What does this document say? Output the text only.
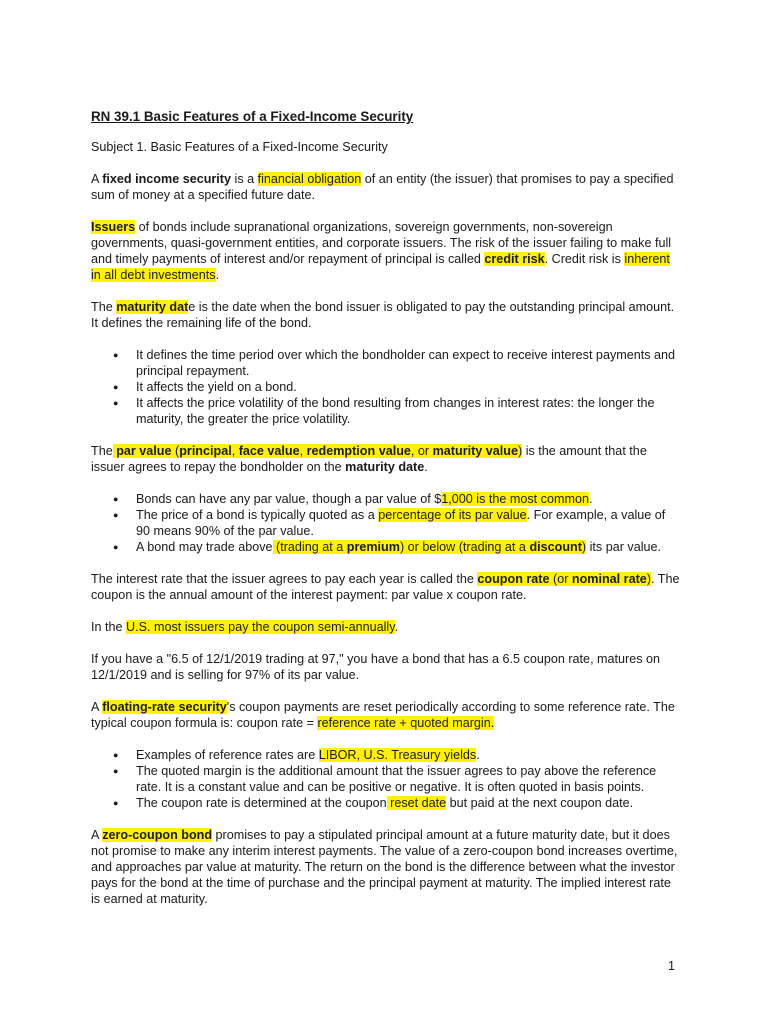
RN 39.1 Basic Features of a Fixed-Income Security
Subject 1. Basic Features of a Fixed-Income Security

A fixed income security is a financial obligation of an entity (the issuer) that promises to pay a specified sum of money at a specified future date.

Issuers of bonds include supranational organizations, sovereign governments, non-sovereign governments, quasi-government entities, and corporate issuers. The risk of the issuer failing to make full and timely payments of interest and/or repayment of principal is called credit risk. Credit risk is inherent in all debt investments.

The maturity date is the date when the bond issuer is obligated to pay the outstanding principal amount. It defines the remaining life of the bond.

● It defines the time period over which the bondholder can expect to receive interest payments and principal repayment.
● It affects the yield on a bond.
● It affects the price volatility of the bond resulting from changes in interest rates: the longer the maturity, the greater the price volatility.

The par value (principal, face value, redemption value, or maturity value) is the amount that the issuer agrees to repay the bondholder on the maturity date.

● Bonds can have any par value, though a par value of $1,000 is the most common.
● The price of a bond is typically quoted as a percentage of its par value. For example, a value of 90 means 90% of the par value.
● A bond may trade above (trading at a premium) or below (trading at a discount) its par value.

The interest rate that the issuer agrees to pay each year is called the coupon rate (or nominal rate). The coupon is the annual amount of the interest payment: par value x coupon rate.

In the U.S. most issuers pay the coupon semi-annually.

If you have a "6.5 of 12/1/2019 trading at 97," you have a bond that has a 6.5 coupon rate, matures on 12/1/2019 and is selling for 97% of its par value.

A floating-rate security's coupon payments are reset periodically according to some reference rate. The typical coupon formula is: coupon rate = reference rate + quoted margin.

● Examples of reference rates are LIBOR, U.S. Treasury yields.
● The quoted margin is the additional amount that the issuer agrees to pay above the reference rate. It is a constant value and can be positive or negative. It is often quoted in basis points.
● The coupon rate is determined at the coupon reset date but paid at the next coupon date.

A zero-coupon bond promises to pay a stipulated principal amount at a future maturity date, but it does not promise to make any interim interest payments. The value of a zero-coupon bond increases overtime, and approaches par value at maturity. The return on the bond is the difference between what the investor pays for the bond at the time of purchase and the principal payment at maturity. The implied interest rate is earned at maturity.

1
